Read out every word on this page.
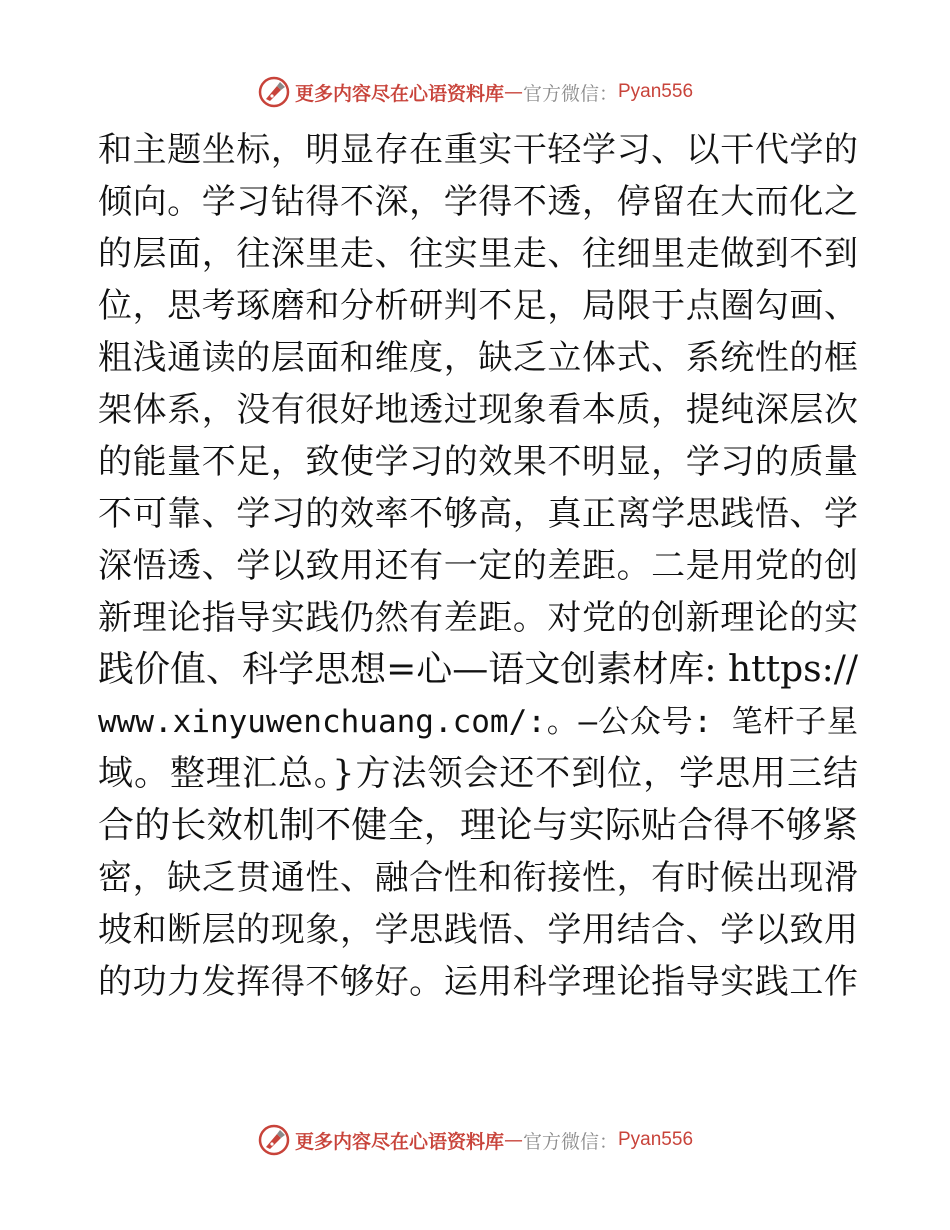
更多内容尽在心语资料库 — 官方微信： Pyan556
和主题坐标，明显存在重实干轻学习、以干代学的
倾向。学习钻得不深，学得不透，停留在大而化之
的层面，往深里走、往实里走、往细里走做到不到
位，思考琢磨和分析研判不足，局限于点圈勾画、
粗浅通读的层面和维度，缺乏立体式、系统性的框
架体系，没有很好地透过现象看本质，提纯深层次
的能量不足，致使学习的效果不明显，学习的质量
不可靠、学习的效率不够高，真正离学思践悟、学
深悟透、学以致用还有一定的差距。二是用党的创
新理论指导实践仍然有差距。对党的创新理论的实
践价值、科学思想=心—语文创素材库: https://
www.xinyuwenchuang.com/:。—公众号: 笔杆子星
域。整理汇总。}方法领会还不到位，学思用三结
合的长效机制不健全，理论与实际贴合得不够紧
密，缺乏贯通性、融合性和衔接性，有时候出现滑
坡和断层的现象，学思践悟、学用结合、学以致用
的功力发挥得不够好。运用科学理论指导实践工作
更多内容尽在心语资料库 — 官方微信： Pyan556
